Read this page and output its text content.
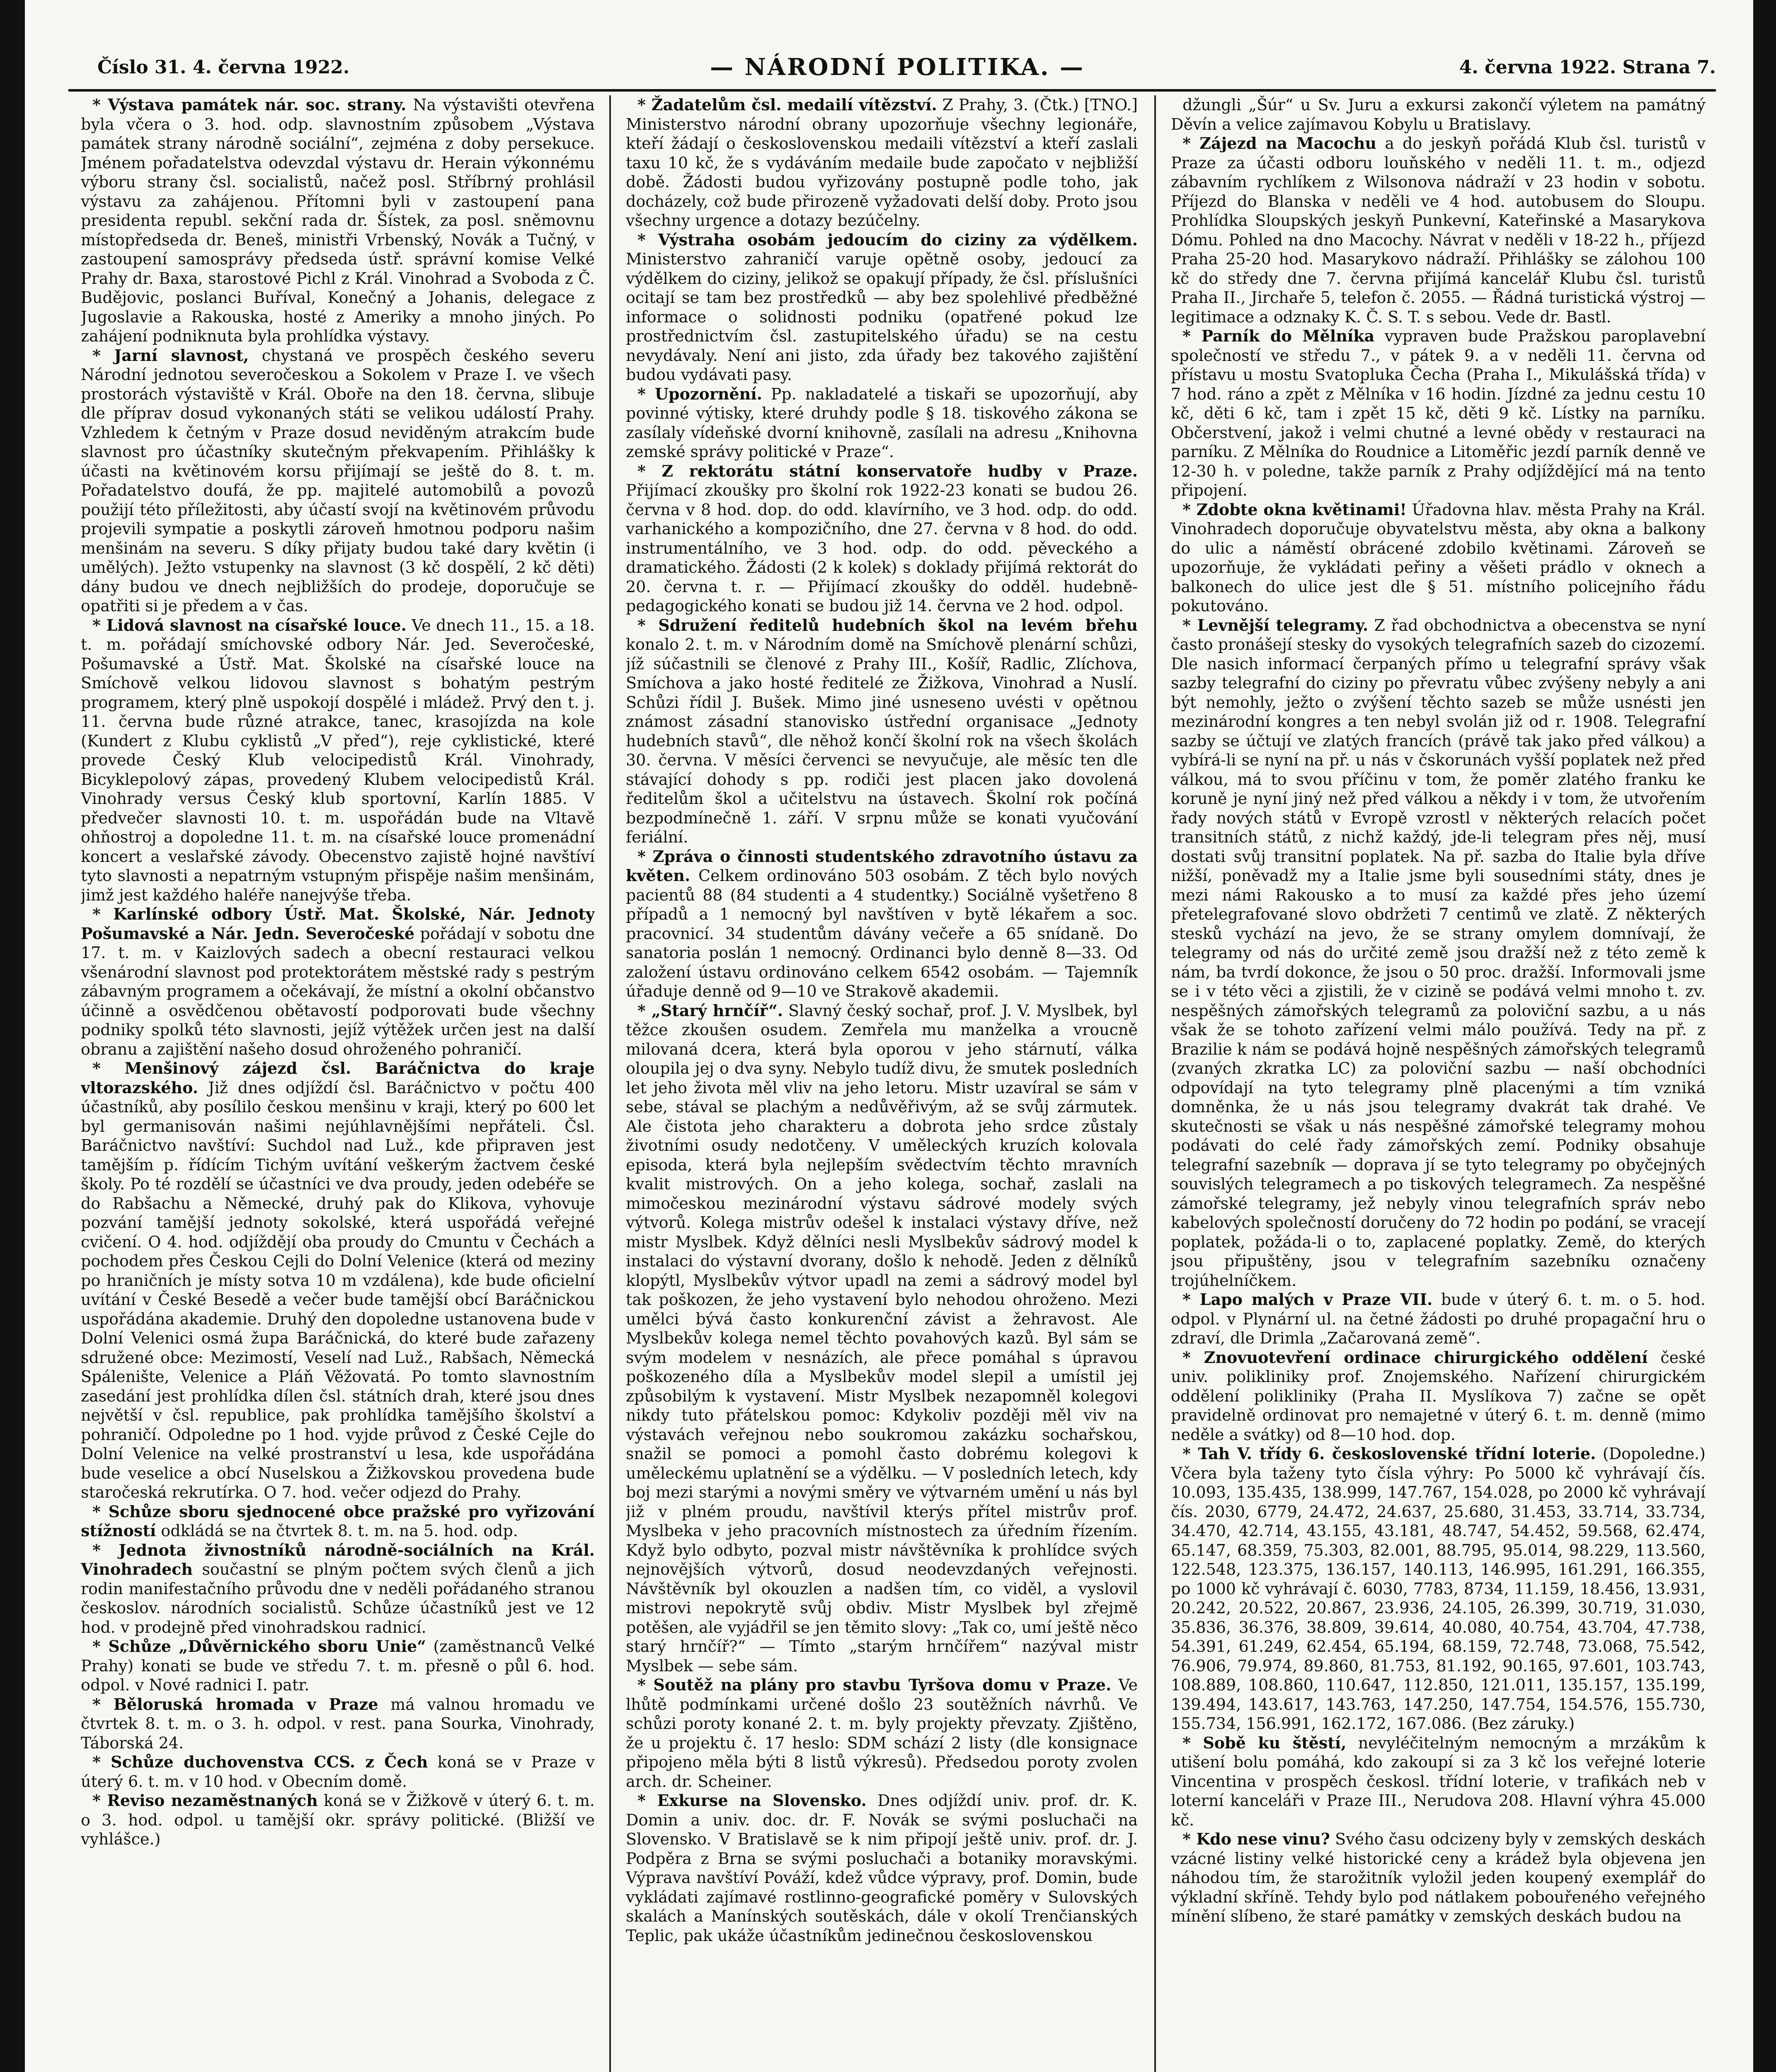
Číslo 31. 4. června 1922.	— NÁRODNÍ POLITIKA. —	4. června 1922. Strana 7.

* Výstava památek nár. soc. strany. Na výstavišti otevřena byla včera o 3. hod. odp. slavnostním způsobem „Výstava památek strany národně sociální“, zejména z doby persekuce. Jménem pořadatelstva odevzdal výstavu dr. Herain výkonnému výboru strany čsl. socialistů, načež posl. Stříbrný prohlásil výstavu za zahájenou. Přítomni byli v zastoupení pana presidenta republ. sekční rada dr. Šístek, za posl. sněmovnu místopředseda dr. Beneš, ministři Vrbenský, Novák a Tučný, v zastoupení samosprávy předseda ústř. správní komise Velké Prahy dr. Baxa, starostové Pichl z Král. Vinohrad a Svoboda z Č. Budějovic, poslanci Buříval, Konečný a Johanis, delegace z Jugoslavie a Rakouska, hosté z Ameriky a mnoho jiných. Po zahájení podniknuta byla prohlídka výstavy.

* Jarní slavnost, chystaná ve prospěch českého severu Národní jednotou severočeskou a Sokolem v Praze I. ve všech prostorách výstaviště v Král. Oboře na den 18. června, slibuje dle příprav dosud vykonaných státi se velikou událostí Prahy. Vzhledem k četným v Praze dosud neviděným atrakcím bude slavnost pro účastníky skutečným překvapením. Přihlášky k účasti na květinovém korsu přijímají se ještě do 8. t. m. Pořadatelstvo doufá, že pp. majitelé automobilů a povozů použijí této příležitosti, aby účastí svojí na květinovém průvodu projevili sympatie a poskytli zároveň hmotnou podporu našim menšinám na severu. S díky přijaty budou také dary květin (i umělých). Ježto vstupenky na slavnost (3 kč dospělí, 2 kč děti) dány budou ve dnech nejbližších do prodeje, doporučuje se opatřiti si je předem a v čas.

* Lidová slavnost na císařské louce. Ve dnech 11., 15. a 18. t. m. pořádají smíchovské odbory Nár. Jed. Severočeské, Pošumavské a Ústř. Mat. Školské na císařské louce na Smíchově velkou lidovou slavnost s bohatým pestrým programem, který plně uspokojí dospělé i mládež. Prvý den t. j. 11. června bude různé atrakce, tanec, krasojízda na kole (Kundert z Klubu cyklistů „V před“), reje cyklistické, které provede Český Klub velocipedistů Král. Vinohrady, Bicyklepolový zápas, provedený Klubem velocipedistů Král. Vinohrady versus Český klub sportovní, Karlín 1885. V předvečer slavnosti 10. t. m. uspořádán bude na Vltavě ohňostroj a dopoledne 11. t. m. na císařské louce promenádní koncert a veslařské závody. Obecenstvo zajistě hojné navštíví tyto slavnosti a nepatrným vstupným přispěje našim menšinám, jimž jest každého haléře nanejvýše třeba.

* Karlínské odbory Ústř. Mat. Školské, Nár. Jednoty Pošumavské a Nár. Jedn. Severočeské pořádají v sobotu dne 17. t. m. v Kaizlových sadech a obecní restauraci velkou všenárodní slavnost pod protektorátem městské rady s pestrým zábavným programem a očekávají, že místní a okolní občanstvo účinně a osvědčenou obětavostí podporovati bude všechny podniky spolků této slavnosti, jejíž výtěžek určen jest na další obranu a zajištění našeho dosud ohroženého pohraničí.

* Menšinový zájezd čsl. Baráčnictva do kraje vltorazského. Již dnes odjíždí čsl. Baráčnictvo v počtu 400 účastníků, aby posílilo českou menšinu v kraji, který po 600 let byl germanisován našimi nejúhlavnějšími nepřáteli. Čsl. Baráčnictvo navštíví: Suchdol nad Luž., kde připraven jest tamějším p. řídícím Tichým uvítání veškerým žactvem české školy. Po té rozdělí se účastníci ve dva proudy, jeden odebéře se do Rabšachu a Německé, druhý pak do Klikova, vyhovuje pozvání tamější jednoty sokolské, která uspořádá veřejné cvičení. O 4. hod. odjíždějí oba proudy do Cmuntu v Čechách a pochodem přes Českou Cejli do Dolní Velenice (která od meziny po hraničních je místy sotva 10 m vzdálena), kde bude oficielní uvítání v České Besedě a večer bude tamější obcí Baráčnickou uspořádána akademie. Druhý den dopoledne ustanovena bude v Dolní Velenici osmá župa Baráčnická, do které bude zařazeny sdružené obce: Mezimostí, Veselí nad Luž., Rabšach, Německá Spálenište, Velenice a Pláň Věžovatá. Po tomto slavnostním zasedání jest prohlídka dílen čsl. státních drah, které jsou dnes největší v čsl. republice, pak prohlídka tamějšího školství a pohraničí. Odpoledne po 1 hod. vyjde průvod z České Cejle do Dolní Velenice na velké prostranství u lesa, kde uspořádána bude veselice a obcí Nuselskou a Žižkovskou provedena bude staročeská rekrutírka. O 7. hod. večer odjezd do Prahy.

* Schůze sboru sjednocené obce pražské pro vyřizování stížností odkládá se na čtvrtek 8. t. m. na 5. hod. odp.

* Jednota živnostníků národně-sociálních na Král. Vinohradech součastní se plným počtem svých členů a jich rodin manifestačního průvodu dne v neděli pořádaného stranou českoslov. národních socialistů. Schůze účastníků jest ve 12 hod. v prodejně před vinohradskou radnicí.

* Schůze „Důvěrnického sboru Unie“ (zaměstnanců Velké Prahy) konati se bude ve středu 7. t. m. přesně o půl 6. hod. odpol. v Nové radnici I. patr.

* Běloruská hromada v Praze má valnou hromadu ve čtvrtek 8. t. m. o 3. h. odpol. v rest. pana Sourka, Vinohrady, Táborská 24.

* Schůze duchovenstva CCS. z Čech koná se v Praze v úterý 6. t. m. v 10 hod. v Obecním domě.

* Reviso nezaměstnaných koná se v Žižkově v úterý 6. t. m. o 3. hod. odpol. u tamější okr. správy politické. (Bližší ve vyhlášce.)

* Žadatelům čsl. medailí vítězství. Z Prahy, 3. (Čtk.) [TNO.] Ministerstvo národní obrany upozorňuje všechny legionáře, kteří žádají o československou medaili vítězství a kteří zaslali taxu 10 kč, že s vydáváním medaile bude započato v nejbližší době. Žádosti budou vyřizovány postupně podle toho, jak docházely, což bude přirozeně vyžadovati delší doby. Proto jsou všechny urgence a dotazy bezúčelny.

* Výstraha osobám jedoucím do ciziny za výdělkem. Ministerstvo zahraničí varuje opětně osoby, jedoucí za výdělkem do ciziny, jelikož se opakují případy, že čsl. příslušníci ocitají se tam bez prostředků — aby bez spolehlivé předběžné informace o solidnosti podniku (opatřené pokud lze prostřednictvím čsl. zastupitelského úřadu) se na cestu nevydávaly. Není ani jisto, zda úřady bez takového zajištění budou vydávati pasy.

* Upozornění. Pp. nakladatelé a tiskaři se upozorňují, aby povinné výtisky, které druhdy podle § 18. tiskového zákona se zasílaly vídeňské dvorní knihovně, zasílali na adresu „Knihovna zemské správy politické v Praze“.

* Z rektorátu státní konservatoře hudby v Praze. Přijímací zkoušky pro školní rok 1922-23 konati se budou 26. června v 8 hod. dop. do odd. klavírního, ve 3 hod. odp. do odd. varhanického a kompozičního, dne 27. června v 8 hod. do odd. instrumentálního, ve 3 hod. odp. do odd. pěveckého a dramatického. Žádosti (2 k kolek) s doklady přijímá rektorát do 20. června t. r. — Přijímací zkoušky do odděl. hudebně-pedagogického konati se budou již 14. června ve 2 hod. odpol.

* Sdružení ředitelů hudebních škol na levém břehu konalo 2. t. m. v Národním domě na Smíchově plenární schůzi, jíž súčastnili se členové z Prahy III., Košíř, Radlic, Zlíchova, Smíchova a jako hosté ředitelé ze Žižkova, Vinohrad a Nuslí. Schůzi řídil J. Bušek. Mimo jiné usneseno uvésti v opětnou známost zásadní stanovisko ústřední organisace „Jednoty hudebních stavů“, dle něhož končí školní rok na všech školách 30. června. V měsíci červenci se nevyučuje, ale měsíc ten dle stávající dohody s pp. rodiči jest placen jako dovolená ředitelům škol a učitelstvu na ústavech. Školní rok počíná bezpodmínečně 1. září. V srpnu může se konati vyučování feriální.

* Zpráva o činnosti studentského zdravotního ústavu za květen. Celkem ordinováno 503 osobám. Z těch bylo nových pacientů 88 (84 studenti a 4 studentky.) Sociálně vyšetřeno 8 případů a 1 nemocný byl navštíven v bytě lékařem a soc. pracovnicí. 34 studentům dávány večeře a 65 snídaně. Do sanatoria poslán 1 nemocný. Ordinanci bylo denně 8—33. Od založení ústavu ordinováno celkem 6542 osobám. — Tajemník úřaduje denně od 9—10 ve Strakově akademii.

* „Starý hrnčíř“. Slavný český sochař, prof. J. V. Myslbek, byl těžce zkoušen osudem. Zemřela mu manželka a vroucně milovaná dcera, která byla oporou v jeho stárnutí, válka oloupila jej o dva syny. Nebylo tudíž divu, že smutek posledních let jeho života měl vliv na jeho letoru. Mistr uzavíral se sám v sebe, stával se plachým a nedůvěřivým, až se svůj zármutek. Ale čistota jeho charakteru a dobrota jeho srdce zůstaly životními osudy nedotčeny. V uměleckých kruzích kolovala episoda, která byla nejlepším svědectvím těchto mravních kvalit mistrových. On a jeho kolega, sochař, zaslali na mimočeskou mezinárodní výstavu sádrové modely svých výtvorů. Kolega mistrův odešel k instalaci výstavy dříve, než mistr Myslbek. Když dělníci nesli Myslbekův sádrový model k instalaci do výstavní dvorany, došlo k nehodě. Jeden z dělníků klopýtl, Myslbekův výtvor upadl na zemi a sádrový model byl tak poškozen, že jeho vystavení bylo nehodou ohroženo. Mezi umělci bývá často konkurenční závist a žehravost. Ale Myslbekův kolega nemel těchto povahových kazů. Byl sám se svým modelem v nesnázích, ale přece pomáhal s úpravou poškozeného díla a Myslbekův model slepil a umístil jej způsobilým k vystavení. Mistr Myslbek nezapomněl kolegovi nikdy tuto přátelskou pomoc: Kdykoliv později měl viv na výstavách veřejnou nebo soukromou zakázku sochařskou, snažil se pomoci a pomohl často dobrému kolegovi k uměleckému uplatnění se a výdělku. — V posledních letech, kdy boj mezi starými a novými směry ve výtvarném umění u nás byl již v plném proudu, navštívil kterýs přítel mistrův prof. Myslbeka v jeho pracovních místnostech za úředním řízením. Když bylo odbyto, pozval mistr návštěvníka k prohlídce svých nejnovějších výtvorů, dosud neodevzdaných veřejnosti. Návštěvník byl okouzlen a nadšen tím, co viděl, a vyslovil mistrovi nepokrytě svůj obdiv. Mistr Myslbek byl zřejmě potěšen, ale vyjádřil se jen těmito slovy: „Tak co, umí ještě něco starý hrnčíř?“ — Tímto „starým hrnčířem“ nazýval mistr Myslbek — sebe sám.

* Soutěž na plány pro stavbu Tyršova domu v Praze. Ve lhůtě podmínkami určené došlo 23 soutěžních návrhů. Ve schůzi poroty konané 2. t. m. byly projekty převzaty. Zjištěno, že u projektu č. 17 heslo: SDM schází 2 listy (dle konsignace připojeno měla býti 8 listů výkresů). Předsedou poroty zvolen arch. dr. Scheiner.

* Exkurse na Slovensko. Dnes odjíždí univ. prof. dr. K. Domin a univ. doc. dr. F. Novák se svými posluchači na Slovensko. V Bratislavě se k nim připojí ještě univ. prof. dr. J. Podpěra z Brna se svými posluchači a botaniky moravskými. Výprava navštíví Pováží, kdež vůdce výpravy, prof. Domin, bude vykládati zajímavé rostlinno-geografické poměry v Sulovských skalách a Manínských soutěskách, dále v okolí Trenčianských Teplic, pak ukáže účastníkům jedinečnou československou

džungli „Šúr“ u Sv. Juru a exkursi zakončí výletem na památný Děvín a velice zajímavou Kobylu u Bratislavy.

* Zájezd na Macochu a do jeskyň pořádá Klub čsl. turistů v Praze za účasti odboru louňského v neděli 11. t. m., odjezd zábavním rychlíkem z Wilsonova nádraží v 23 hodin v sobotu. Příjezd do Blanska v neděli ve 4 hod. autobusem do Sloupu. Prohlídka Sloupských jeskyň Punkevní, Kateřinské a Masarykova Dómu. Pohled na dno Macochy. Návrat v neděli v 18-22 h., příjezd Praha 25-20 hod. Masarykovo nádraží. Přihlášky se zálohou 100 kč do středy dne 7. června přijímá kancelář Klubu čsl. turistů Praha II., Jirchaře 5, telefon č. 2055. — Řádná turistická výstroj — legitimace a odznaky K. Č. S. T. s sebou. Vede dr. Bastl.

* Parník do Mělníka vypraven bude Pražskou paroplavební společností ve středu 7., v pátek 9. a v neděli 11. června od přístavu u mostu Svatopluka Čecha (Praha I., Mikulášská třída) v 7 hod. ráno a zpět z Mělníka v 16 hodin. Jízdné za jednu cestu 10 kč, děti 6 kč, tam i zpět 15 kč, děti 9 kč. Lístky na parníku. Občerstvení, jakož i velmi chutné a levné obědy v restauraci na parníku. Z Mělníka do Roudnice a Litoměřic jezdí parník denně ve 12-30 h. v poledne, takže parník z Prahy odjíždějící má na tento připojení.

* Zdobte okna květinami! Úřadovna hlav. města Prahy na Král. Vinohradech doporučuje obyvatelstvu města, aby okna a balkony do ulic a náměstí obrácené zdobilo květinami. Zároveň se upozorňuje, že vykládati peřiny a věšeti prádlo v oknech a balkonech do ulice jest dle § 51. místního policejního řádu pokutováno.

* Levnější telegramy. Z řad obchodnictva a obecenstva se nyní často pronášejí stesky do vysokých telegrafních sazeb do cizozemí. Dle nasich informací čerpaných přímo u telegrafní správy však sazby telegrafní do ciziny po převratu vůbec zvýšeny nebyly a ani být nemohly, ježto o zvýšení těchto sazeb se může usnésti jen mezinárodní kongres a ten nebyl svolán již od r. 1908. Telegrafní sazby se účtují ve zlatých francích (právě tak jako před válkou) a vybírá-li se nyní na př. u nás v čskorunách vyšší poplatek než před válkou, má to svou příčinu v tom, že poměr zlatého franku ke koruně je nyní jiný než před válkou a někdy i v tom, že utvořením řady nových států v Evropě vzrostl v některých relacích počet transitních států, z nichž každý, jde-li telegram přes něj, musí dostati svůj transitní poplatek. Na př. sazba do Italie byla dříve nižší, poněvadž my a Italie jsme byli sousedními státy, dnes je mezi námi Rakousko a to musí za každé přes jeho území přetelegrafované slovo obdržeti 7 centimů ve zlatě. Z některých stesků vychází na jevo, že se strany omylem domnívají, že telegramy od nás do určité země jsou dražší než z této země k nám, ba tvrdí dokonce, že jsou o 50 proc. dražší. Informovali jsme se i v této věci a zjistili, že v cizině se podává velmi mnoho t. zv. nespěšných zámořských telegramů za poloviční sazbu, a u nás však že se tohoto zařízení velmi málo používá. Tedy na př. z Brazilie k nám se podává hojně nespěšných zámořských telegramů (zvaných zkratka LC) za poloviční sazbu — naší obchodníci odpovídají na tyto telegramy plně placenými a tím vzniká domněnka, že u nás jsou telegramy dvakrát tak drahé. Ve skutečnosti se však u nás nespěšné zámořské telegramy mohou podávati do celé řady zámořských zemí. Podniky obsahuje telegrafní sazebník — doprava jí se tyto telegramy po obyčejných souvislých telegramech a po tiskových telegramech. Za nespěšné zámořské telegramy, jež nebyly vinou telegrafních správ nebo kabelových společností doručeny do 72 hodin po podání, se vracejí poplatek, požáda-li o to, zaplacené poplatky. Země, do kterých jsou připuštěny, jsou v telegrafním sazebníku označeny trojúhelníčkem.

* Lapo malých v Praze VII. bude v úterý 6. t. m. o 5. hod. odpol. v Plynární ul. na četné žádosti po druhé propagační hru o zdraví, dle Drimla „Začarovaná země“.

* Znovuotevření ordinace chirurgického oddělení české univ. polikliniky prof. Znojemského. Nařízení chirurgickém oddělení polikliniky (Praha II. Myslíkova 7) začne se opět pravidelně ordinovat pro nemajetné v úterý 6. t. m. denně (mimo neděle a svátky) od 8—10 hod. dop.

* Tah V. třídy 6. československé třídní loterie. (Dopoledne.) Včera byla taženy tyto čísla výhry: Po 5000 kč vyhrávají čís. 10.093, 135.435, 138.999, 147.767, 154.028, po 2000 kč vyhrávají čís. 2030, 6779, 24.472, 24.637, 25.680, 31.453, 33.714, 33.734, 34.470, 42.714, 43.155, 43.181, 48.747, 54.452, 59.568, 62.474, 65.147, 68.359, 75.303, 82.001, 88.795, 95.014, 98.229, 113.560, 122.548, 123.375, 136.157, 140.113, 146.995, 161.291, 166.355, po 1000 kč vyhrávají č. 6030, 7783, 8734, 11.159, 18.456, 13.931, 20.242, 20.522, 20.867, 23.936, 24.105, 26.399, 30.719, 31.030, 35.836, 36.376, 38.809, 39.614, 40.080, 40.754, 43.704, 47.738, 54.391, 61.249, 62.454, 65.194, 68.159, 72.748, 73.068, 75.542, 76.906, 79.974, 89.860, 81.753, 81.192, 90.165, 97.601, 103.743, 108.889, 108.860, 110.647, 112.850, 121.011, 135.157, 135.199, 139.494, 143.617, 143.763, 147.250, 147.754, 154.576, 155.730, 155.734, 156.991, 162.172, 167.086. (Bez záruky.)

* Sobě ku štěstí, nevyléčitelným nemocným a mrzákům k utišení bolu pomáhá, kdo zakoupí si za 3 kč los veřejné loterie Vincentina v prospěch českosl. třídní loterie, v trafikách neb v loterní kanceláři v Praze III., Nerudova 208. Hlavní výhra 45.000 kč.

* Kdo nese vinu? Svého času odcizeny byly v zemských deskách vzácné listiny velké historické ceny a krádež byla objevena jen náhodou tím, že starožitník vyložil jeden koupený exemplář do výkladní skříně. Tehdy bylo pod nátlakem pobouřeného veřejného mínění slíbeno, že staré památky v zemských deskách budou na
